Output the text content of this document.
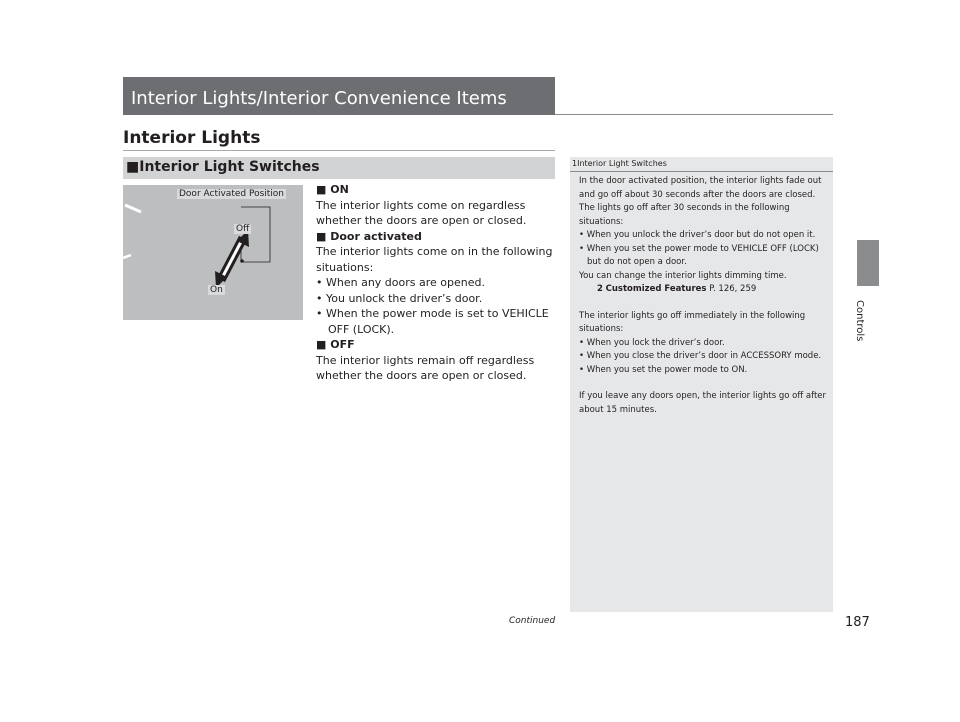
Interior Lights/Interior Convenience Items
Controls
Interior Lights
■Interior Light Switches
Door Activated Position
Off
On
■ ON
The interior lights come on regardless whether the doors are open or closed.
■ Door activated
The interior lights come on in the following situations:
• When any doors are opened.
• You unlock the driver’s door.
• When the power mode is set to VEHICLE OFF (LOCK).
■ OFF
The interior lights remain off regardless whether the doors are open or closed.
1Interior Light Switches

In the door activated position, the interior lights fade out and go off about 30 seconds after the doors are closed.

The lights go off after 30 seconds in the following situations:

• When you unlock the driver’s door but do not open it.

• When you set the power mode to VEHICLE OFF (LOCK) but do not open a door.

You can change the interior lights dimming time.

2 Customized Features P. 126, 259

The interior lights go off immediately in the following situations:

• When you lock the driver’s door.

• When you close the driver’s door in ACCESSORY mode.

• When you set the power mode to ON.

If you leave any doors open, the interior lights go off after about 15 minutes.

Continued	187
